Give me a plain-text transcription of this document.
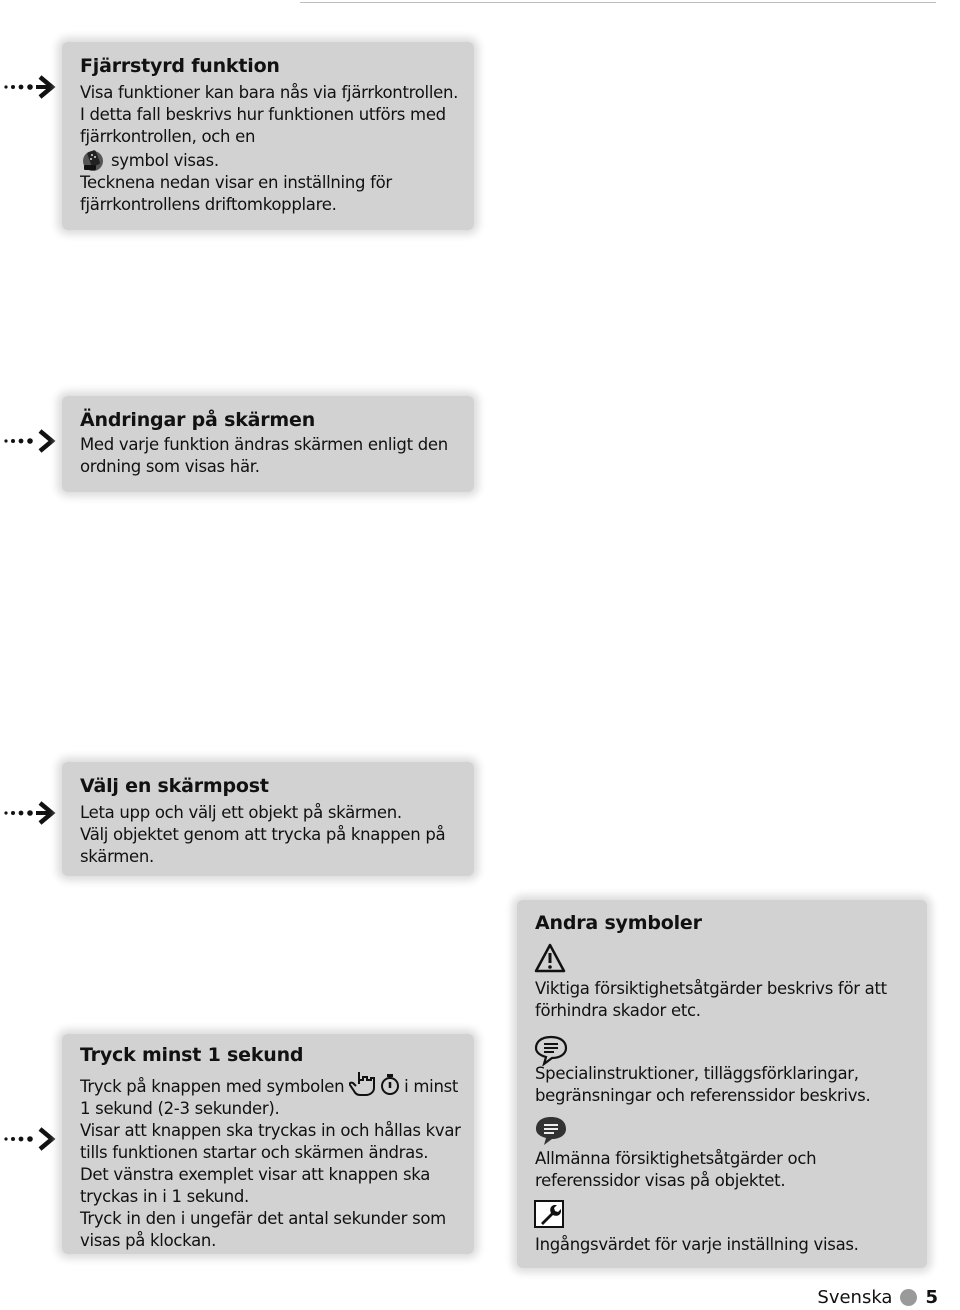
Fjärrstyrd funktion

Visa funktioner kan bara nås via fjärrkontrollen. I detta fall beskrivs hur funktionen utförs med fjärrkontrollen, och en
symbol visas.

Tecknena nedan visar en inställning för fjärrkontrollens driftomkopplare.

Ändringar på skärmen

Med varje funktion ändras skärmen enligt den ordning som visas här.

Välj en skärmpost

Leta upp och välj ett objekt på skärmen.

Välj objektet genom att trycka på knappen på skärmen.

Tryck minst 1 sekund

Tryck på knappen med symbolen	i minst 1 sekund (2-3 sekunder).

Visar att knappen ska tryckas in och hållas kvar tills funktionen startar och skärmen ändras.

Det vänstra exemplet visar att knappen ska tryckas in i 1 sekund.

Tryck in den i ungefär det antal sekunder som visas på klockan.

Andra symboler

Viktiga försiktighetsåtgärder beskrivs för att förhindra skador etc.

Specialinstruktioner, tilläggsförklaringar, begränsningar och referenssidor beskrivs.

Allmänna försiktighetsåtgärder och referenssidor visas på objektet.

Ingångsvärdet för varje inställning visas.

Svenska 5
